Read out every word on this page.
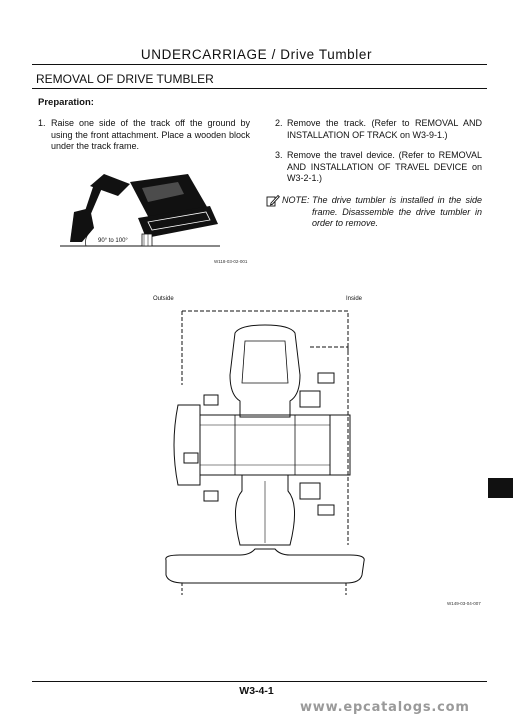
UNDERCARRIAGE / Drive Tumbler
REMOVAL OF DRIVE TUMBLER
Preparation:
1. Raise one side of the track off the ground by using the front attachment. Place a wooden block under the track frame.
2. Remove the track. (Refer to REMOVAL AND INSTALLATION OF TRACK on W3-9-1.)
3. Remove the travel device. (Refer to REMOVAL AND INSTALLATION OF TRAVEL DEVICE on W3-2-1.)
NOTE: The drive tumbler is installed in the side frame. Disassemble the drive tumbler in order to remove.
90° to 100°
W118-03-02-001
Outside	Inside
W149-03-04-007
W3-4-1
www.epcatalogs.com
